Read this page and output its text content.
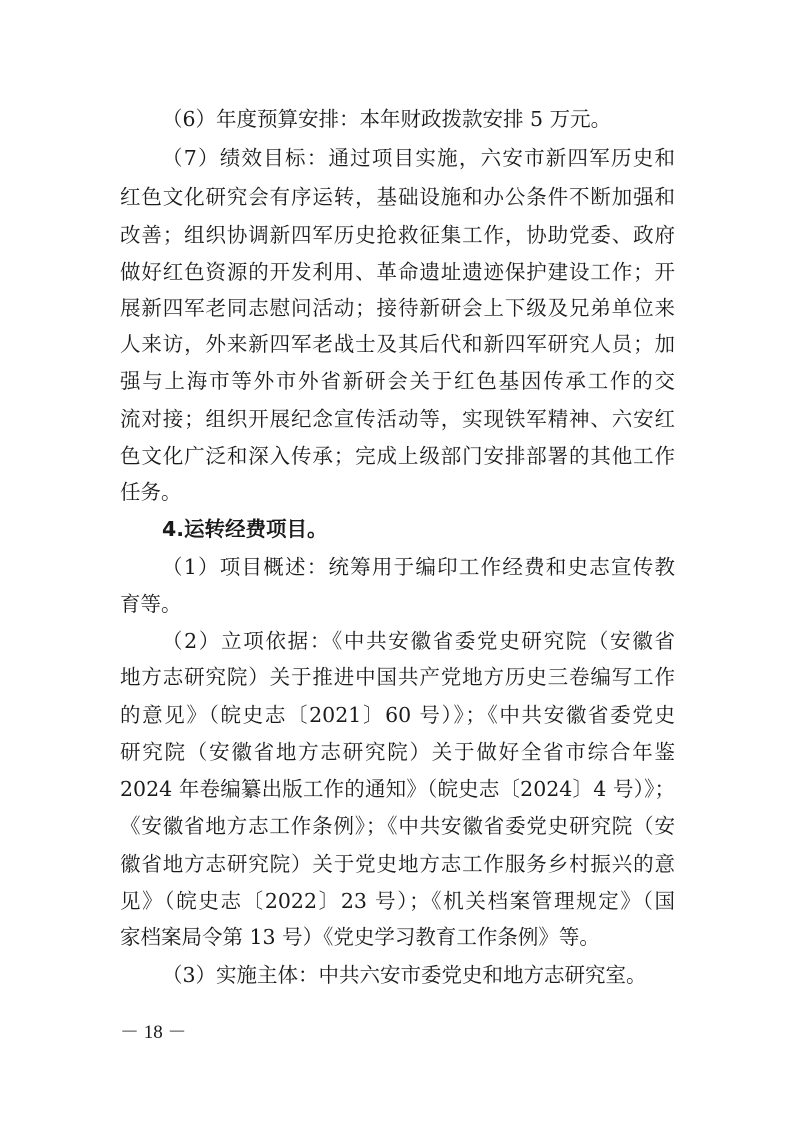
（6）年度预算安排：本年财政拨款安排 5 万元。
（7）绩效目标：通过项目实施，六安市新四军历史和
红色文化研究会有序运转，基础设施和办公条件不断加强和
改善；组织协调新四军历史抢救征集工作，协助党委、政府
做好红色资源的开发利用、革命遗址遗迹保护建设工作；开
展新四军老同志慰问活动；接待新研会上下级及兄弟单位来
人来访，外来新四军老战士及其后代和新四军研究人员；加
强与上海市等外市外省新研会关于红色基因传承工作的交
流对接；组织开展纪念宣传活动等，实现铁军精神、六安红
色文化广泛和深入传承；完成上级部门安排部署的其他工作
任务。
4.运转经费项目。
（1）项目概述：统筹用于编印工作经费和史志宣传教
育等。
（2）立项依据：《中共安徽省委党史研究院（安徽省
地方志研究院）关于推进中国共产党地方历史三卷编写工作
的意见》（皖史志〔2021〕60 号）》；《中共安徽省委党史
研究院（安徽省地方志研究院）关于做好全省市综合年鉴
2024 年卷编纂出版工作的通知》（皖史志〔2024〕4 号）》；
《安徽省地方志工作条例》；《中共安徽省委党史研究院（安
徽省地方志研究院）关于党史地方志工作服务乡村振兴的意
见》（皖史志〔2022〕23 号）；《机关档案管理规定》（国
家档案局令第 13 号）《党史学习教育工作条例》等。
（3）实施主体：中共六安市委党史和地方志研究室。
－ 18 －
